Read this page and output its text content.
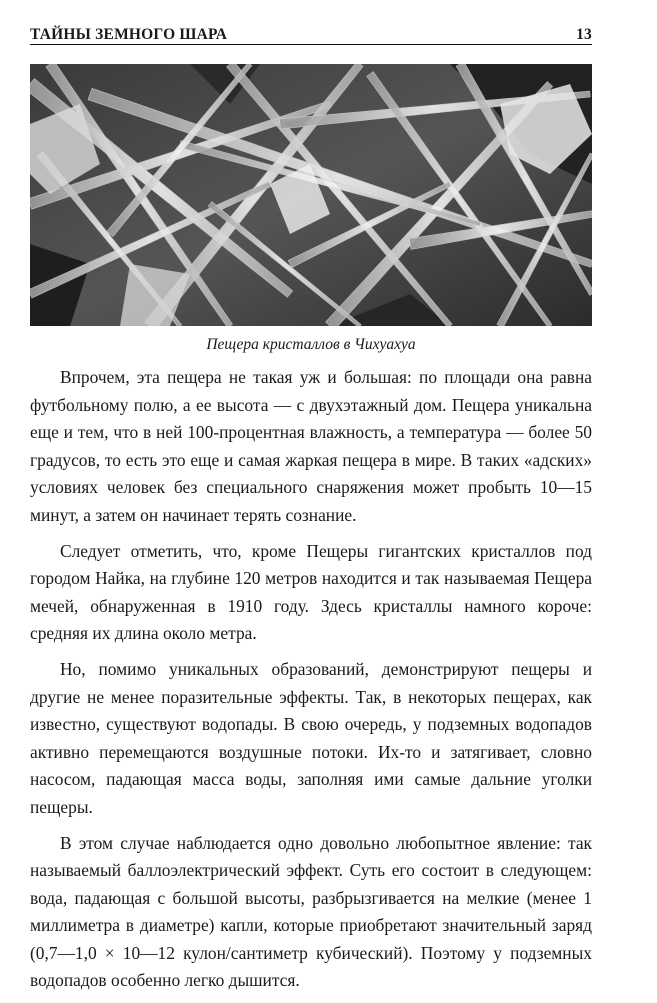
ТАЙНЫ ЗЕМНОГО ШАРА	13
Пещера кристаллов в Чихуахуа

Впрочем, эта пещера не такая уж и большая: по площади она равна футбольному полю, а ее высота — с двухэтажный дом. Пещера уникальна еще и тем, что в ней 100-процентная влажность, а температура — более 50 градусов, то есть это еще и самая жаркая пещера в мире. В таких «адских» условиях человек без специального снаряжения может пробыть 10—15 минут, а затем он начинает терять сознание.

Следует отметить, что, кроме Пещеры гигантских кристаллов под городом Найка, на глубине 120 метров находится и так называемая Пещера мечей, обнаруженная в 1910 году. Здесь кристаллы намного короче: средняя их длина около метра.

Но, помимо уникальных образований, демонстрируют пещеры и другие не менее поразительные эффекты. Так, в некоторых пещерах, как известно, существуют водопады. В свою очередь, у подземных водопадов активно перемещаются воздушные потоки. Их-то и затягивает, словно насосом, падающая масса воды, заполняя ими самые дальние уголки пещеры.

В этом случае наблюдается одно довольно любопытное явление: так называемый баллоэлектрический эффект. Суть его состоит в следующем: вода, падающая с большой высоты, разбрызгивается на мелкие (менее 1 миллиметра в диаметре) капли, которые приобретают значительный заряд (0,7—1,0 × 10—12 кулон/сантиметр кубический). Поэтому у подземных водопадов особенно легко дышится.
